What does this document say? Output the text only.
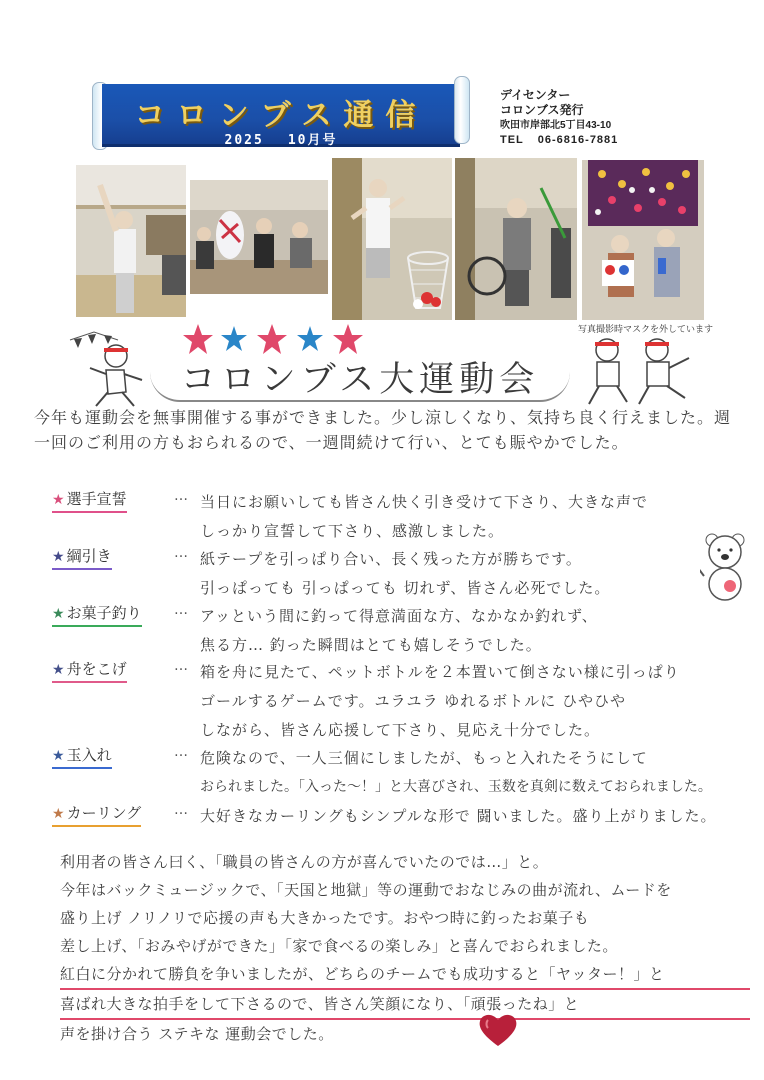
コロンブス通信
2025 10月号
デイセンター
コロンブス発行
吹田市岸部北5丁目43-10
TEL 06-6816-7881
写真撮影時マスクを外しています
コロンブス大運動会
今年も運動会を無事開催する事ができました。少し涼しくなり、気持ち良く行えました。週一回のご利用の方もおられるので、一週間続けて行い、とても賑やかでした。
★ 選手宣誓	… 当日にお願いしても皆さん快く引き受けて下さり、大きな声で
しっかり宣誓して下さり、感激しました。
★ 綱引き	… 紙テープを引っぱり合い、長く残った方が勝ちです。
引っぱっても 引っぱっても 切れず、皆さん必死でした。
★ お菓子釣り … アッという間に釣って得意満面な方、なかなか釣れず、
焦る方… 釣った瞬間はとても嬉しそうでした。
★ 舟をこげ	… 箱を舟に見たて、ペットボトルを２本置いて倒さない様に引っぱり
ゴールするゲームです。ユラユラ ゆれるボトルに ひやひや
しながら、皆さん応援して下さり、見応え十分でした。
★ 玉入れ	… 危険なので、一人三個にしましたが、もっと入れたそうにして
おられました。「入った〜！」と大喜びされ、玉数を真剣に数えておられました。
★ カーリング … 大好きなカーリングもシンプルな形で 闘いました。盛り上がりました。

利用者の皆さん曰く、「職員の皆さんの方が喜んでいたのでは…」と。

今年はバックミュージックで、「天国と地獄」等の運動でおなじみの曲が流れ、ムードを

盛り上げ ノリノリで応援の声も大きかったです。おやつ時に釣ったお菓子も

差し上げ、「おみやげができた」「家で食べるの楽しみ」と喜んでおられました。

紅白に分かれて勝負を争いましたが、どちらのチームでも成功すると「ヤッター！」と

喜ばれ大きな拍手をして下さるので、皆さん笑顔になり、「頑張ったね」と

声を掛け合う ステキな 運動会でした。
